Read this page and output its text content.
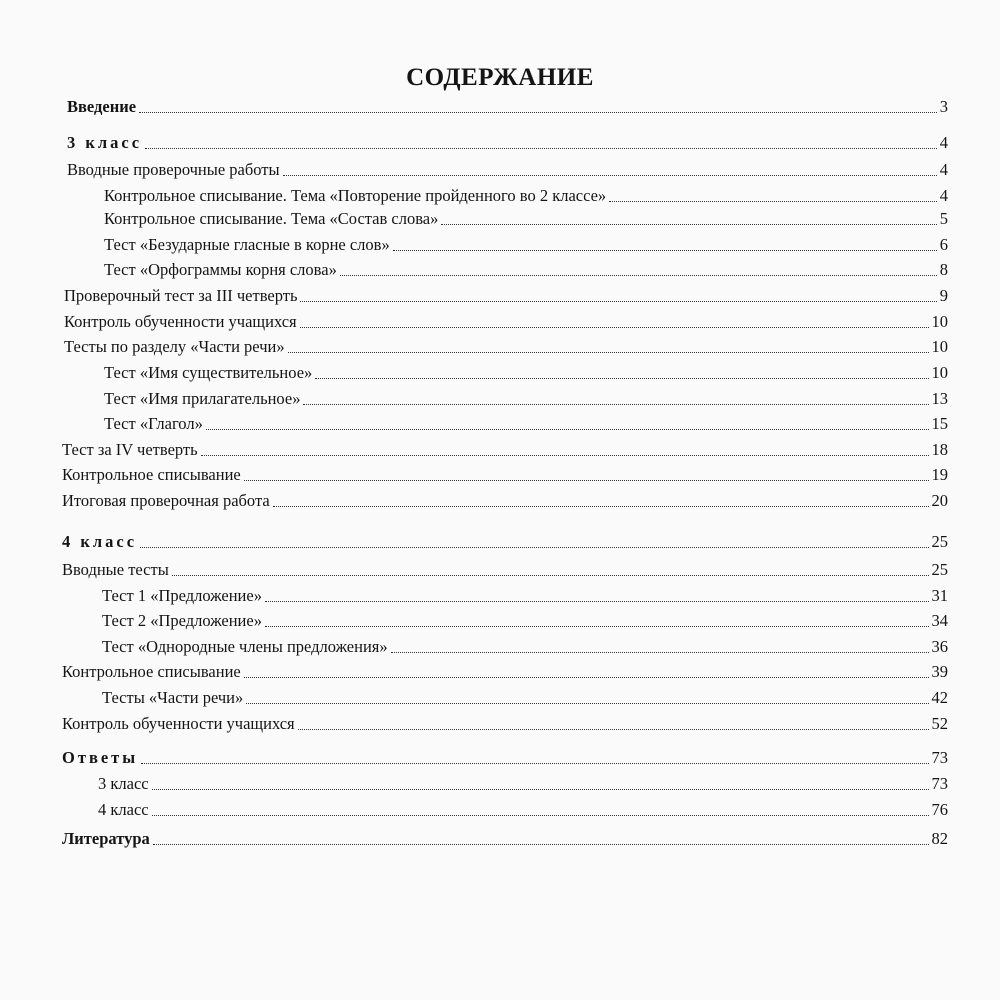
СОДЕРЖАНИЕ
Введение	3
3 класс	4
Вводные проверочные работы	4
Контрольное списывание. Тема «Повторение пройденного во 2 классе»	4
Контрольное списывание. Тема «Состав слова»	5
Тест «Безударные гласные в корне слов»	6
Тест «Орфограммы корня слова»	8
Проверочный тест за III четверть	9
Контроль обученности учащихся	10
Тесты по разделу «Части речи»	10
Тест «Имя существительное»	10
Тест «Имя прилагательное»	13
Тест «Глагол»	15
Тест за IV четверть	18
Контрольное списывание	19
Итоговая проверочная работа	20
4 класс	25
Вводные тесты	25
Тест 1 «Предложение»	31
Тест 2 «Предложение»	34
Тест «Однородные члены предложения»	36
Контрольное списывание	39
Тесты «Части речи»	42
Контроль обученности учащихся	52
Ответы	73
3 класс	73
4 класс	76
Литература	82
